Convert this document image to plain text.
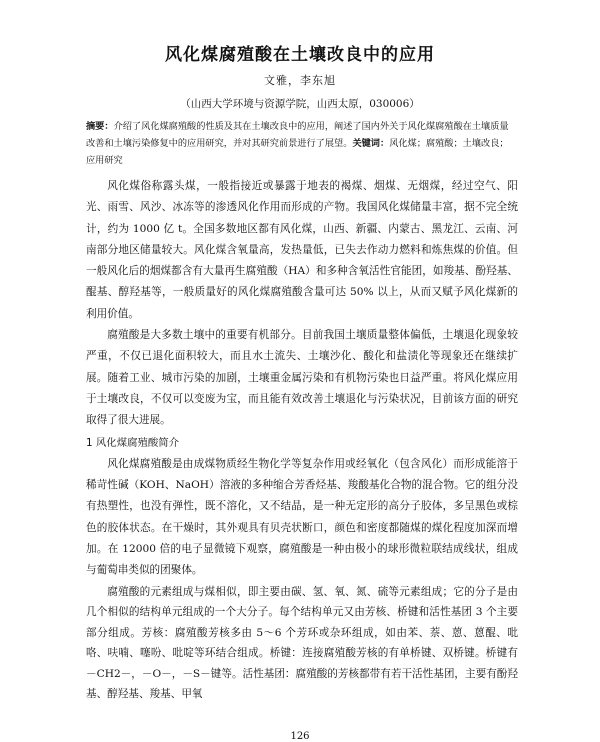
风化煤腐殖酸在土壤改良中的应用
文雅，李东旭
（山西大学环境与资源学院，山西太原，030006）
摘要：介绍了风化煤腐殖酸的性质及其在土壤改良中的应用，阐述了国内外关于风化煤腐殖酸在土壤质量改善和土壤污染修复中的应用研究，并对其研究前景进行了展望。关键词：风化煤；腐殖酸；土壤改良；应用研究

风化煤俗称露头煤，一般指接近或暴露于地表的褐煤、烟煤、无烟煤，经过空气、阳光、雨雪、风沙、冰冻等的渗透风化作用而形成的产物。我国风化煤储量丰富，据不完全统计，约为 1000 亿 t。全国多数地区都有风化煤，山西、新疆、内蒙古、黑龙江、云南、河南部分地区储量较大。风化煤含氧量高，发热量低，已失去作动力燃料和炼焦煤的价值。但一般风化后的烟煤都含有大量再生腐殖酸（HA）和多种含氧活性官能团，如羧基、酚羟基、醌基、醇羟基等，一般质量好的风化煤腐殖酸含量可达 50% 以上，从而又赋予风化煤新的利用价值。

腐殖酸是大多数土壤中的重要有机部分。目前我国土壤质量整体偏低，土壤退化现象较严重，不仅已退化面积较大，而且水土流失、土壤沙化、酸化和盐渍化等现象还在继续扩展。随着工业、城市污染的加剧，土壤重金属污染和有机物污染也日益严重。将风化煤应用于土壤改良，不仅可以变废为宝，而且能有效改善土壤退化与污染状况，目前该方面的研究取得了很大进展。

1 风化煤腐殖酸简介

风化煤腐殖酸是由成煤物质经生物化学等复杂作用或经氧化（包含风化）而形成能溶于稀苛性碱（KOH、NaOH）溶液的多种缩合芳香烃基、羧酸基化合物的混合物。它的组分没有热塑性，也没有弹性，既不溶化，又不结晶，是一种无定形的高分子胶体，多呈黑色或棕色的胶体状态。在干燥时，其外观具有贝壳状断口，颜色和密度都随煤的煤化程度加深而增加。在 12000 倍的电子显微镜下观察，腐殖酸是一种由极小的球形微粒联结成线状，组成与葡萄串类似的团聚体。

腐殖酸的元素组成与煤相似，即主要由碳、氢、氧、氮、硫等元素组成；它的分子是由几个相似的结构单元组成的一个大分子。每个结构单元又由芳核、桥键和活性基团 3 个主要部分组成。芳核：腐殖酸芳核多由 5～6 个芳环或杂环组成，如由苯、萘、蒽、蒽醌、吡咯、呋喃、噻吩、吡啶等环结合组成。桥键：连接腐殖酸芳核的有单桥键、双桥键。桥键有－CH2－，－O－，－S－键等。活性基团：腐殖酸的芳核都带有若干活性基团，主要有酚羟基、醇羟基、羧基、甲氧

126
